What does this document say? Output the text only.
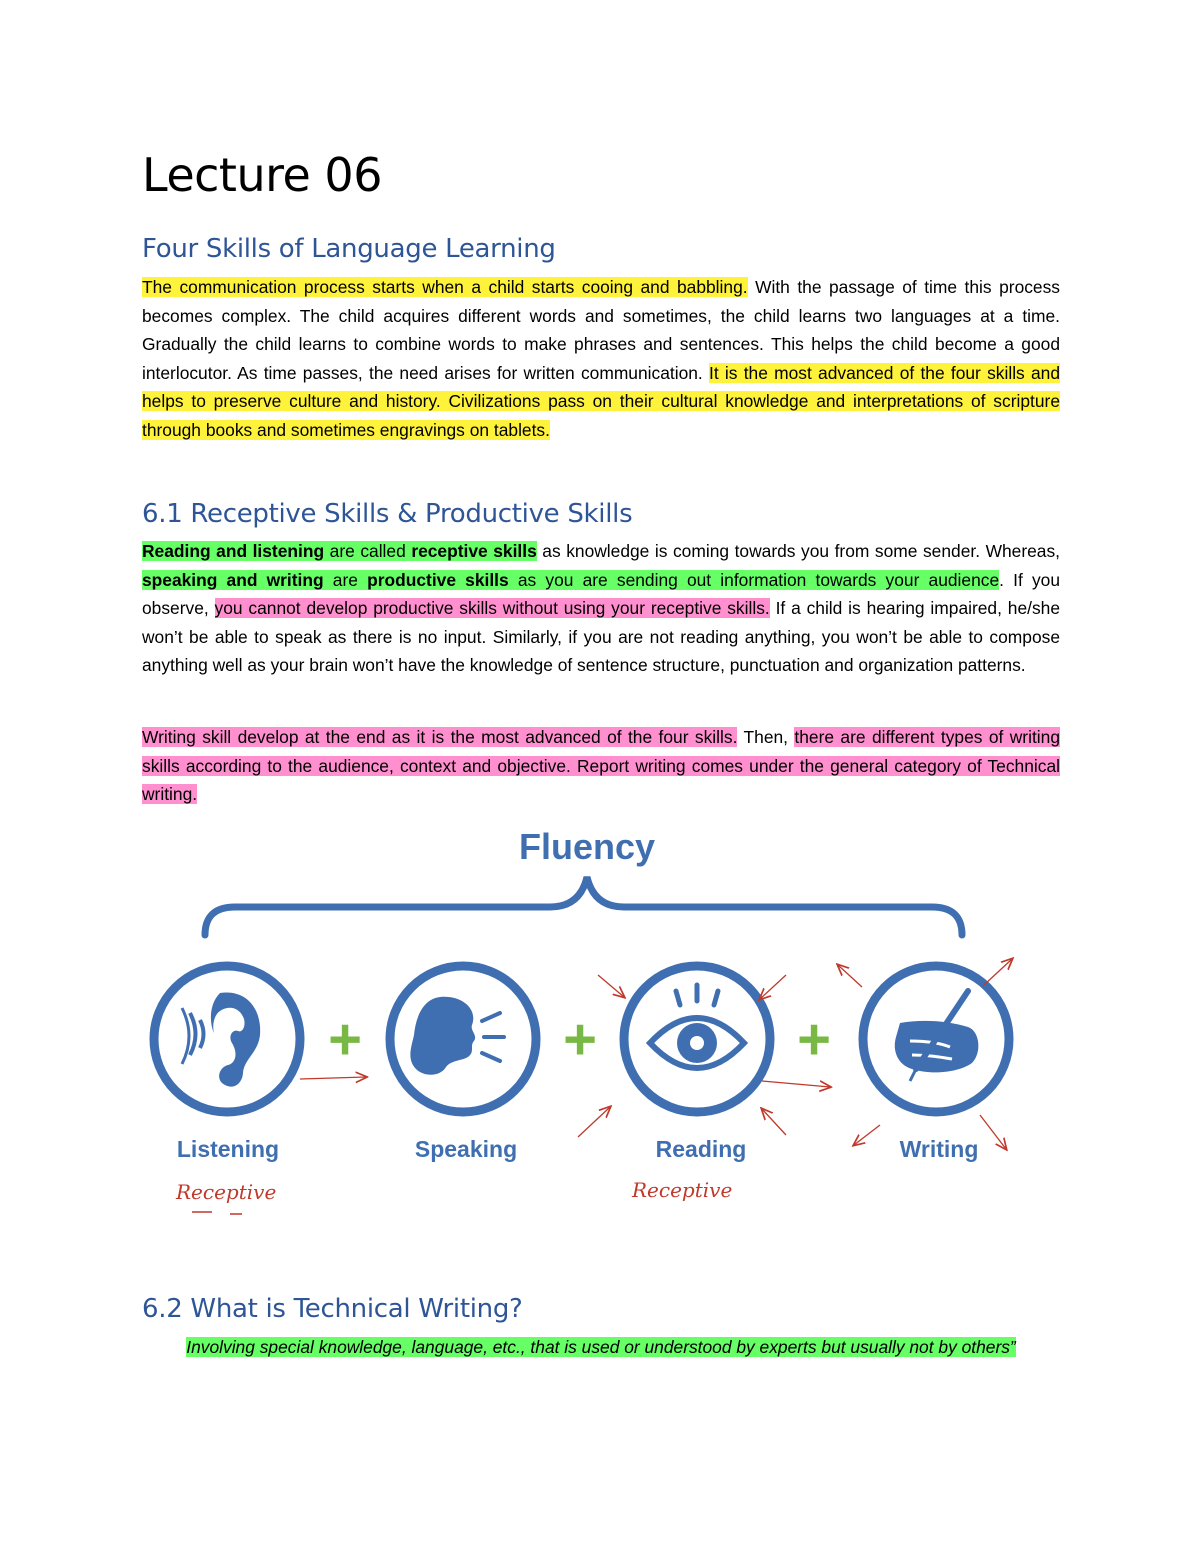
Lecture 06
Four Skills of Language Learning

The communication process starts when a child starts cooing and babbling. With the passage of time this process becomes complex. The child acquires different words and sometimes, the child learns two languages at a time. Gradually the child learns to combine words to make phrases and sentences. This helps the child become a good interlocutor. As time passes, the need arises for written communication. It is the most advanced of the four skills and helps to preserve culture and history. Civilizations pass on their cultural knowledge and interpretations of scripture through books and sometimes engravings on tablets.

6.1 Receptive Skills & Productive Skills

Reading and listening are called receptive skills as knowledge is coming towards you from some sender. Whereas, speaking and writing are productive skills as you are sending out information towards your audience. If you observe, you cannot develop productive skills without using your receptive skills. If a child is hearing impaired, he/she won’t be able to speak as there is no input. Similarly, if you are not reading anything, you won’t be able to compose anything well as your brain won’t have the knowledge of sentence structure, punctuation and organization patterns.

Writing skill develop at the end as it is the most advanced of the four skills. Then, there are different types of writing skills according to the audience, context and objective. Report writing comes under the general category of Technical writing.

Fluency
+	+	+
Listening	Speaking	Reading	Writing
Receptive	Receptive
6.2 What is Technical Writing?

Involving special knowledge, language, etc., that is used or understood by experts but usually not by others”
